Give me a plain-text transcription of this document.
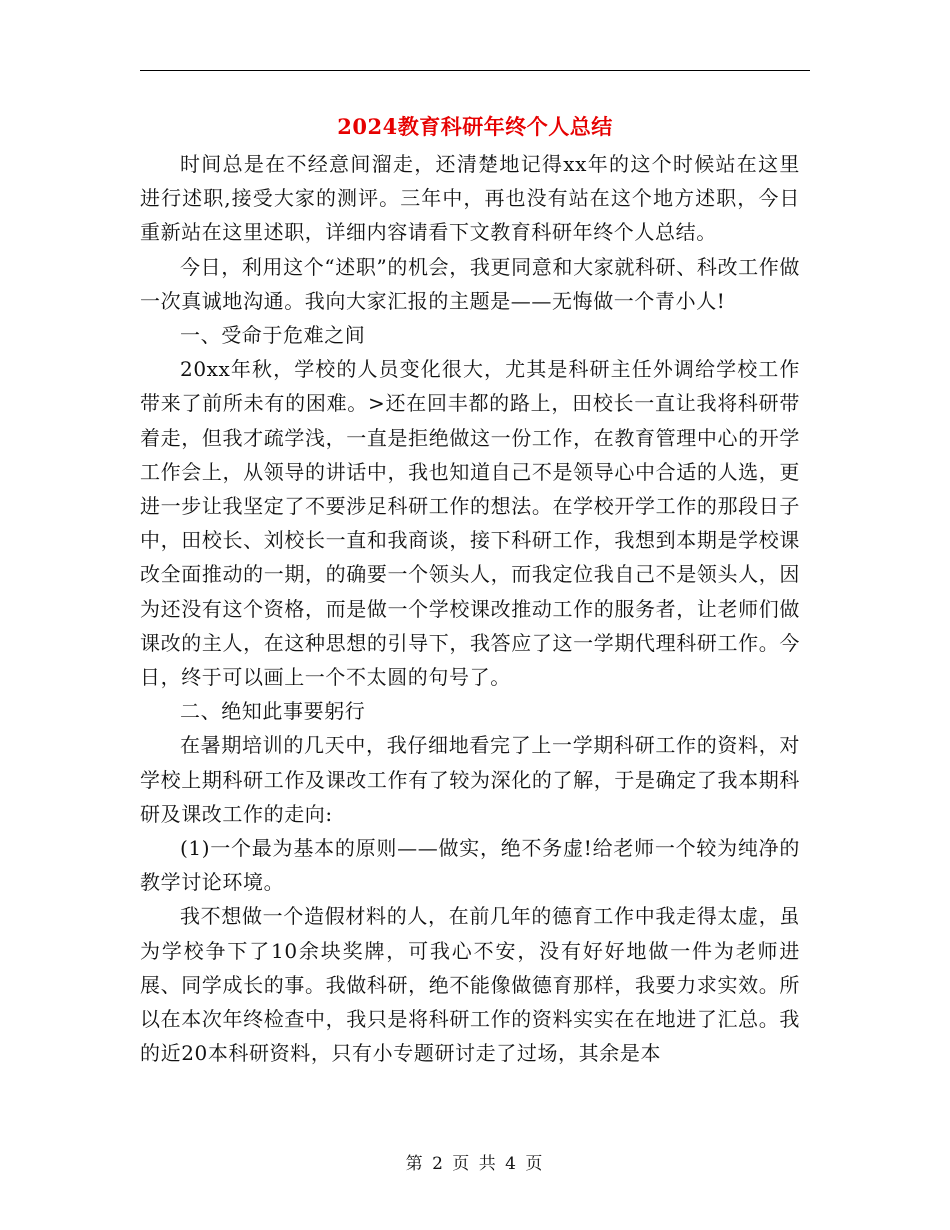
2024教育科研年终个人总结

时间总是在不经意间溜走，还清楚地记得xx年的这个时候站在这里进行述职,接受大家的测评。三年中，再也没有站在这个地方述职，今日重新站在这里述职，详细内容请看下文教育科研年终个人总结。

今日，利用这个“述职”的机会，我更同意和大家就科研、科改工作做一次真诚地沟通。我向大家汇报的主题是——无悔做一个青小人!

一、受命于危难之间

20xx年秋，学校的人员变化很大，尤其是科研主任外调给学校工作带来了前所未有的困难。>还在回丰都的路上，田校长一直让我将科研带着走，但我才疏学浅，一直是拒绝做这一份工作，在教育管理中心的开学工作会上，从领导的讲话中，我也知道自己不是领导心中合适的人选，更进一步让我坚定了不要涉足科研工作的想法。在学校开学工作的那段日子中，田校长、刘校长一直和我商谈，接下科研工作，我想到本期是学校课改全面推动的一期，的确要一个领头人，而我定位我自己不是领头人，因为还没有这个资格，而是做一个学校课改推动工作的服务者，让老师们做课改的主人，在这种思想的引导下，我答应了这一学期代理科研工作。今日，终于可以画上一个不太圆的句号了。

二、绝知此事要躬行

在暑期培训的几天中，我仔细地看完了上一学期科研工作的资料，对学校上期科研工作及课改工作有了较为深化的了解，于是确定了我本期科研及课改工作的走向:

(1)一个最为基本的原则——做实，绝不务虚!给老师一个较为纯净的教学讨论环境。

我不想做一个造假材料的人，在前几年的德育工作中我走得太虚，虽为学校争下了10余块奖牌，可我心不安，没有好好地做一件为老师进展、同学成长的事。我做科研，绝不能像做德育那样，我要力求实效。所以在本次年终检查中，我只是将科研工作的资料实实在在地进了汇总。我的近20本科研资料，只有小专题研讨走了过场，其余是本

第 2 页 共 4 页
